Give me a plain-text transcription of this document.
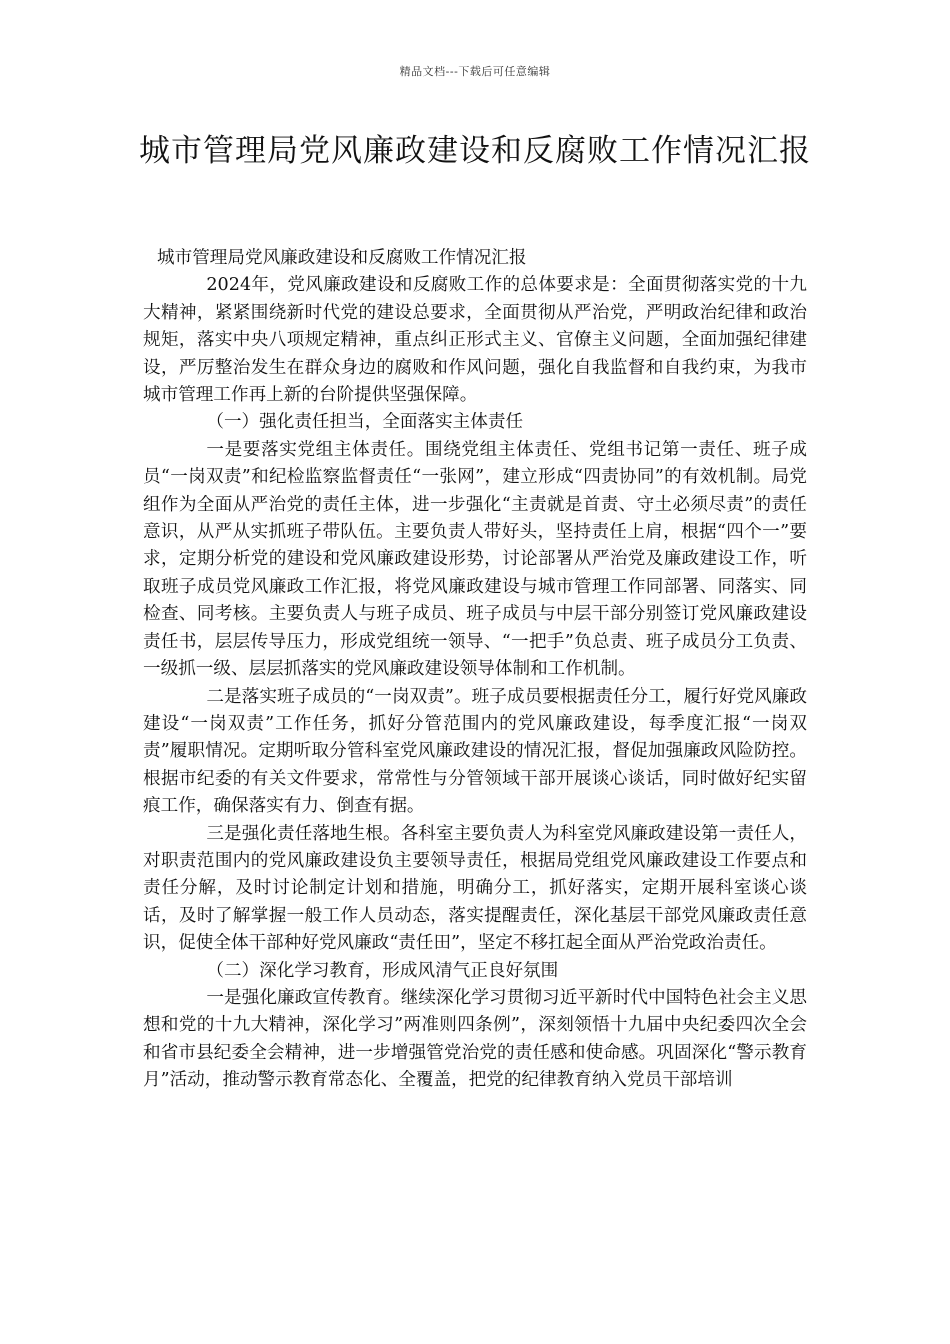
精品文档---下载后可任意编辑
城市管理局党风廉政建设和反腐败工作情况汇报

城市管理局党风廉政建设和反腐败工作情况汇报

2024年，党风廉政建设和反腐败工作的总体要求是：全面贯彻落实党的十九大精神，紧紧围绕新时代党的建设总要求，全面贯彻从严治党，严明政治纪律和政治规矩，落实中央八项规定精神，重点纠正形式主义、官僚主义问题，全面加强纪律建设，严厉整治发生在群众身边的腐败和作风问题，强化自我监督和自我约束，为我市城市管理工作再上新的台阶提供坚强保障。

（一）强化责任担当，全面落实主体责任

一是要落实党组主体责任。围绕党组主体责任、党组书记第一责任、班子成员“一岗双责”和纪检监察监督责任“一张网”，建立形成“四责协同”的有效机制。局党组作为全面从严治党的责任主体，进一步强化“主责就是首责、守土必须尽责”的责任意识，从严从实抓班子带队伍。主要负责人带好头，坚持责任上肩，根据“四个一”要求，定期分析党的建设和党风廉政建设形势，讨论部署从严治党及廉政建设工作，听取班子成员党风廉政工作汇报，将党风廉政建设与城市管理工作同部署、同落实、同检查、同考核。主要负责人与班子成员、班子成员与中层干部分别签订党风廉政建设责任书，层层传导压力，形成党组统一领导、“一把手”负总责、班子成员分工负责、一级抓一级、层层抓落实的党风廉政建设领导体制和工作机制。

二是落实班子成员的“一岗双责”。班子成员要根据责任分工，履行好党风廉政建设“一岗双责”工作任务，抓好分管范围内的党风廉政建设，每季度汇报“一岗双责”履职情况。定期听取分管科室党风廉政建设的情况汇报，督促加强廉政风险防控。根据市纪委的有关文件要求，常常性与分管领域干部开展谈心谈话，同时做好纪实留痕工作，确保落实有力、倒查有据。

三是强化责任落地生根。各科室主要负责人为科室党风廉政建设第一责任人，对职责范围内的党风廉政建设负主要领导责任，根据局党组党风廉政建设工作要点和责任分解，及时讨论制定计划和措施，明确分工，抓好落实，定期开展科室谈心谈话，及时了解掌握一般工作人员动态，落实提醒责任，深化基层干部党风廉政责任意识，促使全体干部种好党风廉政“责任田”，坚定不移扛起全面从严治党政治责任。

（二）深化学习教育，形成风清气正良好氛围

一是强化廉政宣传教育。继续深化学习贯彻习近平新时代中国特色社会主义思想和党的十九大精神，深化学习”两准则四条例”，深刻领悟十九届中央纪委四次全会和省市县纪委全会精神，进一步增强管党治党的责任感和使命感。巩固深化“警示教育月”活动，推动警示教育常态化、全覆盖，把党的纪律教育纳入党员干部培训
